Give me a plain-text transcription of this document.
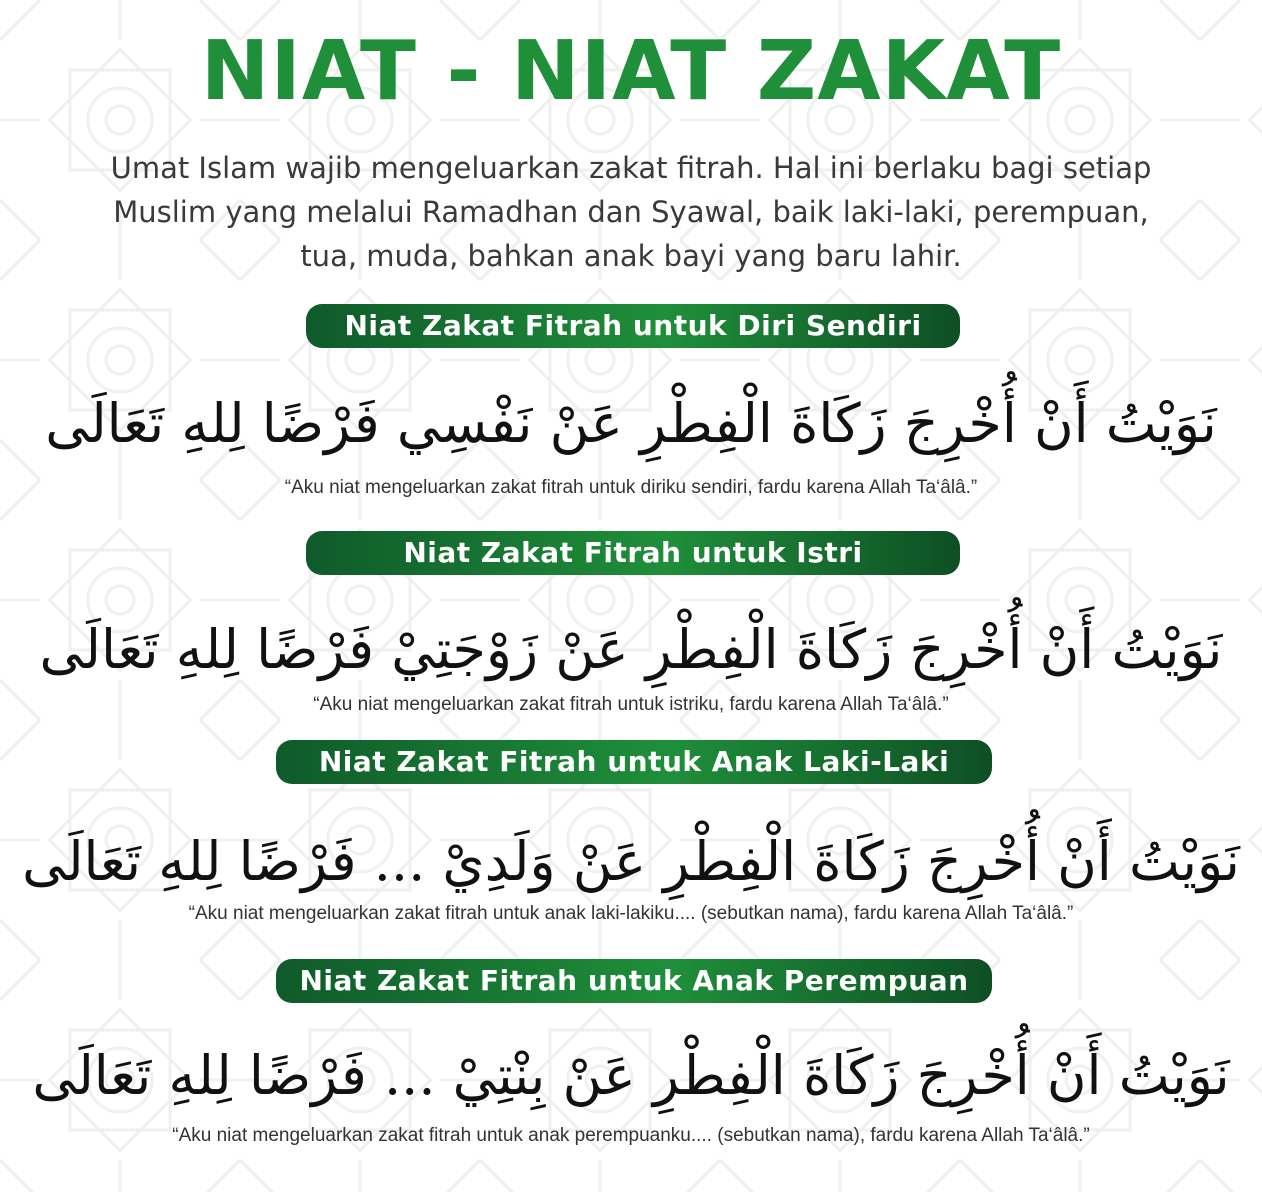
NIAT - NIAT ZAKAT
Umat Islam wajib mengeluarkan zakat fitrah. Hal ini berlaku bagi setiap
Muslim yang melalui Ramadhan dan Syawal, baik laki-laki, perempuan,
tua, muda, bahkan anak bayi yang baru lahir.
Niat Zakat Fitrah untuk Diri Sendiri
نَوَيْتُ أَنْ أُخْرِجَ زَكَاةَ الْفِطْرِ عَنْ نَفْسِي فَرْضًا لِلهِ تَعَالَى
“Aku niat mengeluarkan zakat fitrah untuk diriku sendiri, fardu karena Allah Ta‘âlâ.”
Niat Zakat Fitrah untuk Istri
نَوَيْتُ أَنْ أُخْرِجَ زَكَاةَ الْفِطْرِ عَنْ زَوْجَتِيْ فَرْضًا لِلهِ تَعَالَى
“Aku niat mengeluarkan zakat fitrah untuk istriku, fardu karena Allah Ta‘âlâ.”
Niat Zakat Fitrah untuk Anak Laki-Laki
نَوَيْتُ أَنْ أُخْرِجَ زَكَاةَ الْفِطْرِ عَنْ وَلَدِيْ ... فَرْضًا لِلهِ تَعَالَى
“Aku niat mengeluarkan zakat fitrah untuk anak laki-lakiku.... (sebutkan nama), fardu karena Allah Ta‘âlâ.”
Niat Zakat Fitrah untuk Anak Perempuan
نَوَيْتُ أَنْ أُخْرِجَ زَكَاةَ الْفِطْرِ عَنْ بِنْتِيْ ... فَرْضًا لِلهِ تَعَالَى
“Aku niat mengeluarkan zakat fitrah untuk anak perempuanku.... (sebutkan nama), fardu karena Allah Ta‘âlâ.”
